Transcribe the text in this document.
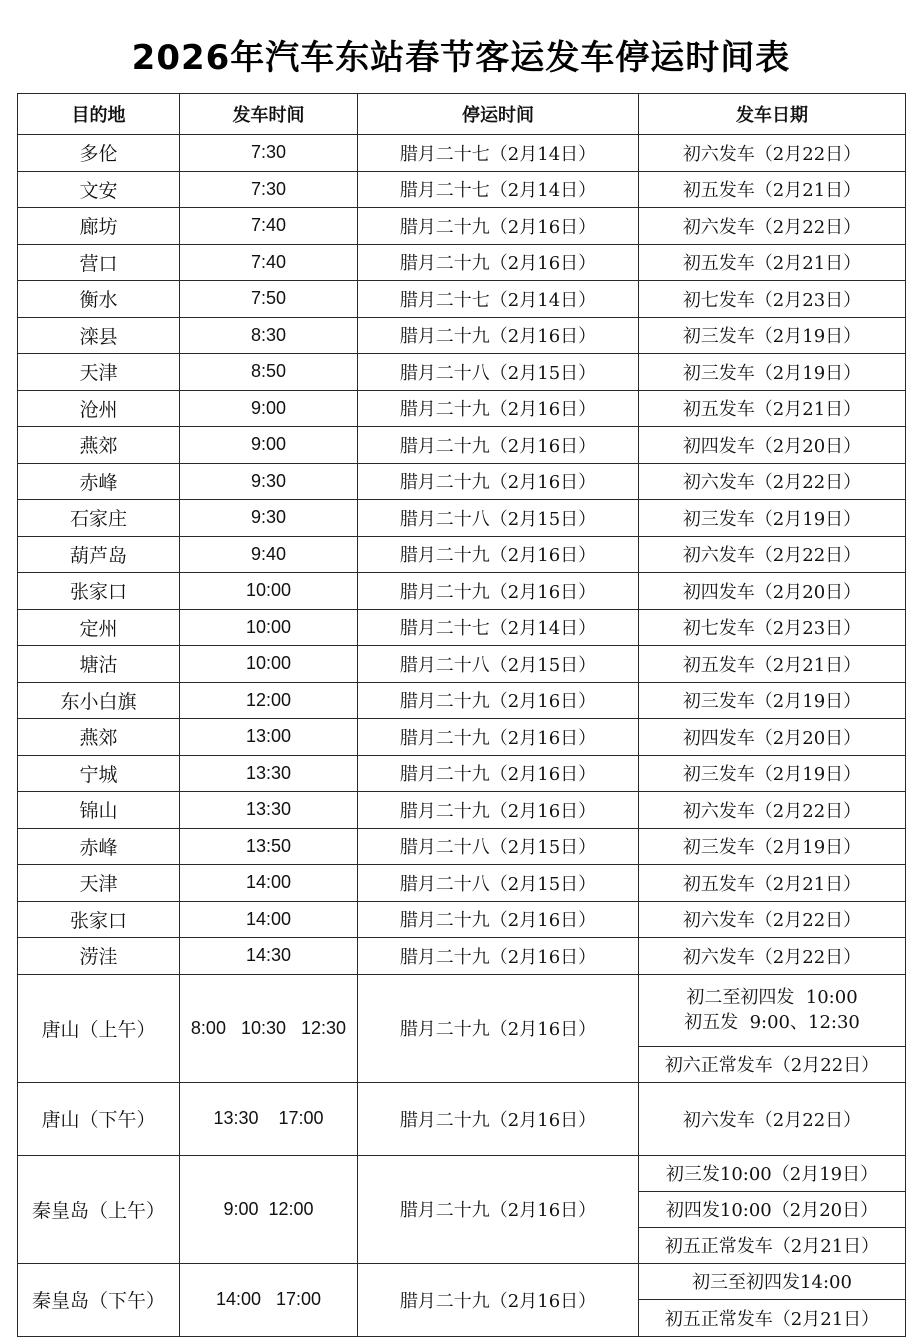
2026年汽车东站春节客运发车停运时间表
目的地	发车时间	停运时间	发车日期
多伦	7:30	腊月二十七（2月14日）	初六发车（2月22日）
文安	7:30	腊月二十七（2月14日）	初五发车（2月21日）
廊坊	7:40	腊月二十九（2月16日）	初六发车（2月22日）
营口	7:40	腊月二十九（2月16日）	初五发车（2月21日）
衡水	7:50	腊月二十七（2月14日）	初七发车（2月23日）
滦县	8:30	腊月二十九（2月16日）	初三发车（2月19日）
天津	8:50	腊月二十八（2月15日）	初三发车（2月19日）
沧州	9:00	腊月二十九（2月16日）	初五发车（2月21日）
燕郊	9:00	腊月二十九（2月16日）	初四发车（2月20日）
赤峰	9:30	腊月二十九（2月16日）	初六发车（2月22日）
石家庄	9:30	腊月二十八（2月15日）	初三发车（2月19日）
葫芦岛	9:40	腊月二十九（2月16日）	初六发车（2月22日）
张家口	10:00	腊月二十九（2月16日）	初四发车（2月20日）
定州	10:00	腊月二十七（2月14日）	初七发车（2月23日）
塘沽	10:00	腊月二十八（2月15日）	初五发车（2月21日）
东小白旗	12:00	腊月二十九（2月16日）	初三发车（2月19日）
燕郊	13:00	腊月二十九（2月16日）	初四发车（2月20日）
宁城	13:30	腊月二十九（2月16日）	初三发车（2月19日）
锦山	13:30	腊月二十九（2月16日）	初六发车（2月22日）
赤峰	13:50	腊月二十八（2月15日）	初三发车（2月19日）
天津	14:00	腊月二十八（2月15日）	初五发车（2月21日）
张家口	14:00	腊月二十九（2月16日）	初六发车（2月22日）
涝洼	14:30	腊月二十九（2月16日）	初六发车（2月22日）
唐山（上午）	8:00   10:30   12:30	腊月二十九（2月16日）	初二至初四发  10:00
初五发  9:00、12:30
初六正常发车（2月22日）

唐山（下午）	13:30    17:00	腊月二十九（2月16日）	初六发车（2月22日）
秦皇岛（上午）	9:00  12:00	腊月二十九（2月16日）	初三发10:00（2月19日）
初四发10:00（2月20日）
初五正常发车（2月21日）

秦皇岛（下午）	14:00   17:00	腊月二十九（2月16日）	初三至初四发14:00
初五正常发车（2月21日）
